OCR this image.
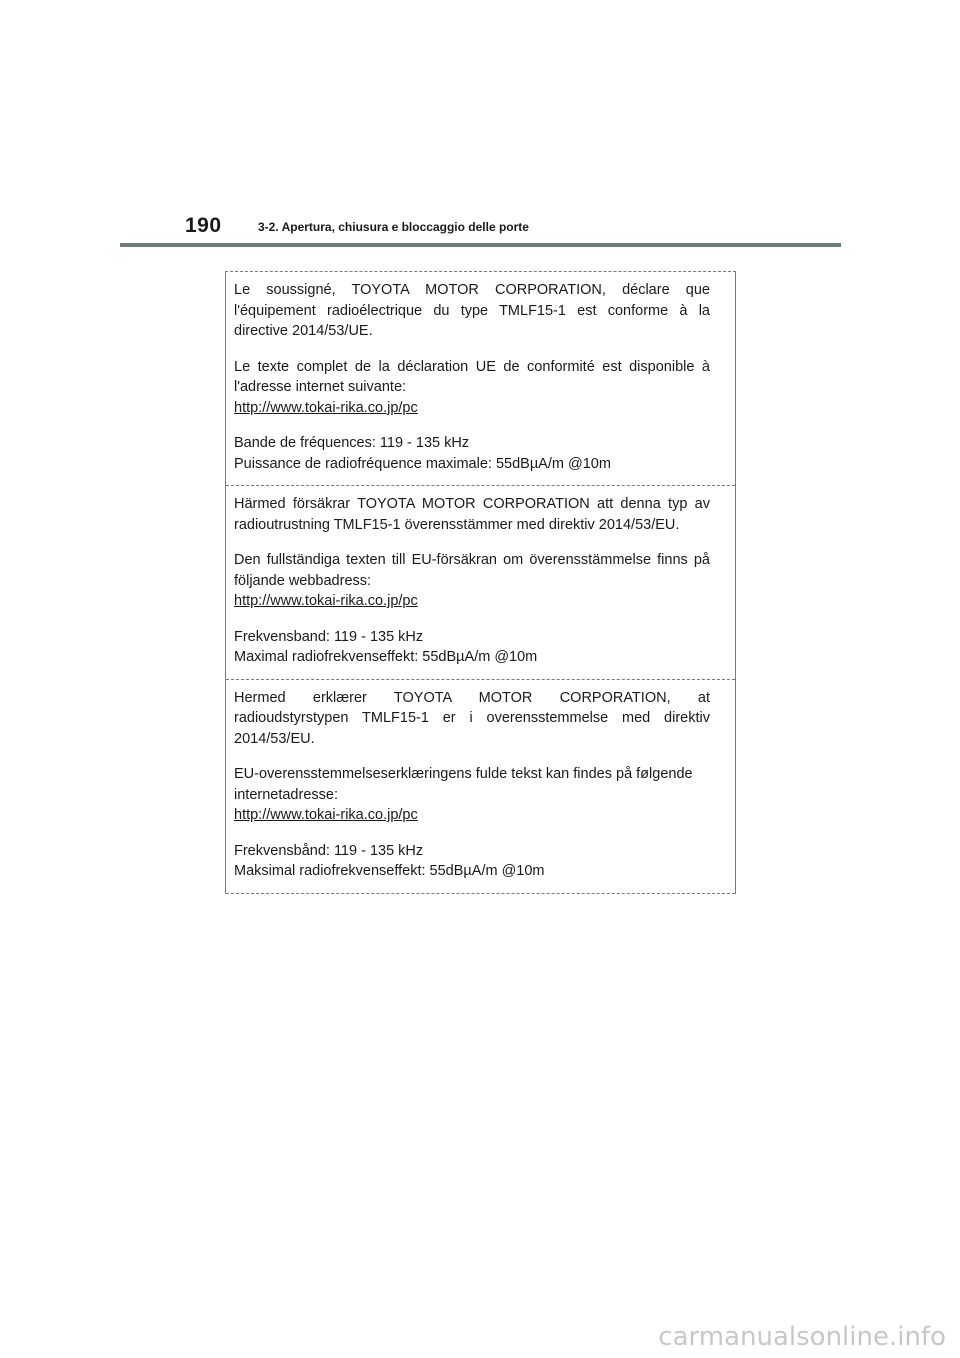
190	3-2. Apertura, chiusura e bloccaggio delle porte

Le soussigné, TOYOTA MOTOR CORPORATION, déclare que l'équipement radioélectrique du type TMLF15-1 est conforme à la directive 2014/53/UE.

Le texte complet de la déclaration UE de conformité est disponible à l'adresse internet suivante:
http://www.tokai-rika.co.jp/pc

Bande de fréquences: 119 - 135 kHz
Puissance de radiofréquence maximale: 55dBµA/m @10m

Härmed försäkrar TOYOTA MOTOR CORPORATION att denna typ av radioutrustning TMLF15-1 överensstämmer med direktiv 2014/53/EU.

Den fullständiga texten till EU-försäkran om överensstämmelse finns på följande webbadress:
http://www.tokai-rika.co.jp/pc

Frekvensband: 119 - 135 kHz
Maximal radiofrekvenseffekt: 55dBµA/m @10m

Hermed erklærer TOYOTA MOTOR CORPORATION, at radioudstyrstypen TMLF15-1 er i overensstemmelse med direktiv 2014/53/EU.

EU-overensstemmelseserklæringens fulde tekst kan findes på følgende internetadresse:
http://www.tokai-rika.co.jp/pc

Frekvensbånd: 119 - 135 kHz
Maksimal radiofrekvenseffekt: 55dBµA/m @10m

carmanualsonline.info
